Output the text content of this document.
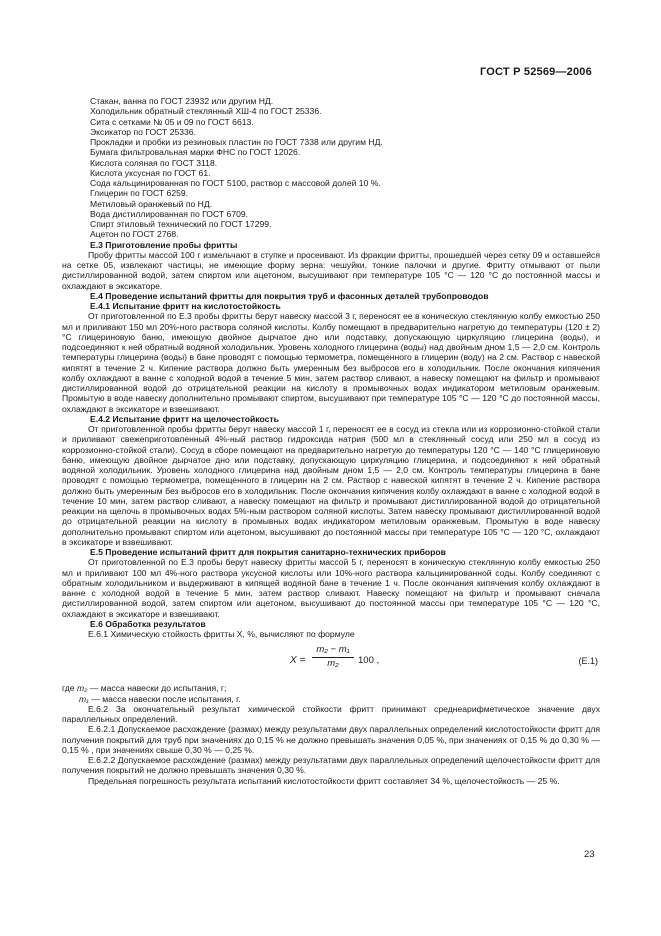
ГОСТ Р 52569—2006
Стакан, ванна по ГОСТ 23932 или другим НД.
Холодильник обратный стеклянный ХШ-4 по ГОСТ 25336.
Сита с сетками № 05 и 09 по ГОСТ 6613.
Эксикатор по ГОСТ 25336.
Прокладки и пробки из резиновых пластин по ГОСТ 7338 или другим НД.
Бумага фильтровальная марки ФНС по ГОСТ 12026.
Кислота соляная по ГОСТ 3118.
Кислота уксусная по ГОСТ 61.
Сода кальцинированная по ГОСТ 5100, раствор с массовой долей 10 %.
Глицерин по ГОСТ 6259.
Метиловый оранжевый по НД.
Вода дистиллированная по ГОСТ 6709.
Спирт этиловый технический по ГОСТ 17299.
Ацетон по ГОСТ 2768.
Е.3 Приготовление пробы фритты

Пробу фритты массой 100 г измельчают в ступке и просеивают. Из фракции фритты, прошедшей через сетку 09 и оставшейся на сетке 05, извлекают частицы, не имеющие форму зерна: чешуйки, тонкие палочки и другие. Фритту отмывают от пыли дистиллированной водой, затем спиртом или ацетоном, высушивают при температуре 105 °С — 120 °С до постоянной массы и охлаждают в эксикаторе.

Е.4 Проведение испытаний фритты для покрытия труб и фасонных деталей трубопроводов
Е.4.1 Испытание фритт на кислотостойкость

От приготовленной по Е.3 пробы фритты берут навеску массой 3 г, переносят ее в коническую стеклянную колбу емкостью 250 мл и приливают 150 мл 20%-ного раствора соляной кислоты. Колбу помещают в предварительно нагретую до температуры (120 ± 2) °С глицериновую баню, имеющую двойное дырчатое дно или подставку, допускающую циркуляцию глицерина (воды), и подсоединяют к ней обратный водяной холодильник. Уровень холодного глицерина (воды) над двойным дном 1,5 — 2,0 см. Контроль температуры глицерина (воды) в бане проводят с помощью термометра, помещенного в глицерин (воду) на 2 см. Раствор с навеской кипятят в течение 2 ч. Кипение раствора должно быть умеренным без выбросов его в холодильник. После окончания кипячения колбу охлаждают в ванне с холодной водой в течение 5 мин, затем раствор сливают, а навеску помещают на фильтр и промывают дистиллированной водой до отрицательной реакции на кислоту в промывочных водах индикатором метиловым оранжевым. Промытую в воде навеску дополнительно промывают спиртом, высушивают при температуре 105 °С — 120 °С до постоянной массы, охлаждают в эксикаторе и взвешивают.

Е.4.2 Испытание фритт на щелочестойкость

От приготовленной пробы фритты берут навеску массой 1 г, переносят ее в сосуд из стекла или из коррозионно-стойкой стали и приливают свежеприготовленный 4%-ный раствор гидроксида натрия (500 мл в стеклянный сосуд или 250 мл в сосуд из коррозионно-стойкой стали). Сосуд в сборе помещают на предварительно нагретую до температуры 120 °С — 140 °С глицериновую баню, имеющую двойное дырчатое дно или подставку, допускающую циркуляцию глицерина, и подсоединяют к ней обратный водяной холодильник. Уровень холодного глицерина над двойным дном 1,5 — 2,0 см. Контроль температуры глицерина в бане проводят с помощью термометра, помещенного в глицерин на 2 см. Раствор с навеской кипятят в течение 2 ч. Кипение раствора должно быть умеренным без выбросов его в холодильник. После окончания кипячения колбу охлаждают в ванне с холодной водой в течение 10 мин, затем раствор сливают, а навеску помещают на фильтр и промывают дистиллированной водой до отрицательной реакции на щелочь в промывочных водах 5%-ным раствором соляной кислоты. Затем навеску промывают дистиллированной водой до отрицательной реакции на кислоту в промывных водах индикатором метиловым оранжевым. Промытую в воде навеску дополнительно промывают спиртом или ацетоном, высушивают до постоянной массы при температуре 105 °С — 120 °С, охлаждают в эксикаторе и взвешивают.

Е.5 Проведение испытаний фритт для покрытия санитарно-технических приборов

От приготовленной по Е.3 пробы берут навеску фритты массой 5 г, переносят в коническую стеклянную колбу емкостью 250 мл и приливают 100 мл 4%-ного раствора уксусной кислоты или 10%-ного раствора кальцинированной соды. Колбу соединяют с обратным холодильником и выдерживают в кипящей водяной бане в течение 1 ч. После окончания кипячения колбу охлаждают в ванне с холодной водой в течение 5 мин, затем раствор сливают. Навеску помещают на фильтр и промывают сначала дистиллированной водой, затем спиртом или ацетоном, высушивают до постоянной массы при температуре 105 °С — 120 °С, охлаждают в эксикаторе и взвешивают.

Е.6 Обработка результатов

Е.6.1 Химическую стойкость фритты Х, %, вычисляют по формуле

$X = \frac{\text{m₂ − m₁}}{\text{m₂}} 100$ ,	(Е.1)
где m₂ — масса навески до испытания, г;
m₁ — масса навески после испытания, г.

Е.6.2 За окончательный результат химической стойкости фритт принимают среднеарифметическое значение двух параллельных определений.

Е.6.2.1 Допускаемое расхождение (размах) между результатами двух параллельных определений кислотостойкости фритт для получения покрытий для труб при значениях до 0,15 % не должно превышать значения 0,05 %, при значениях от 0,15 % до 0,30 % — 0,15 % , при значениях свыше 0,30 % — 0,25 %.

Е.6.2.2 Допускаемое расхождение (размах) между результатами двух параллельных определений щелочестойкости фритт для получения покрытий не должно превышать значения 0,30 %.

Предельная погрешность результата испытаний кислотостойкости фритт составляет 34 %, щелочестойкость — 25 %.

23
